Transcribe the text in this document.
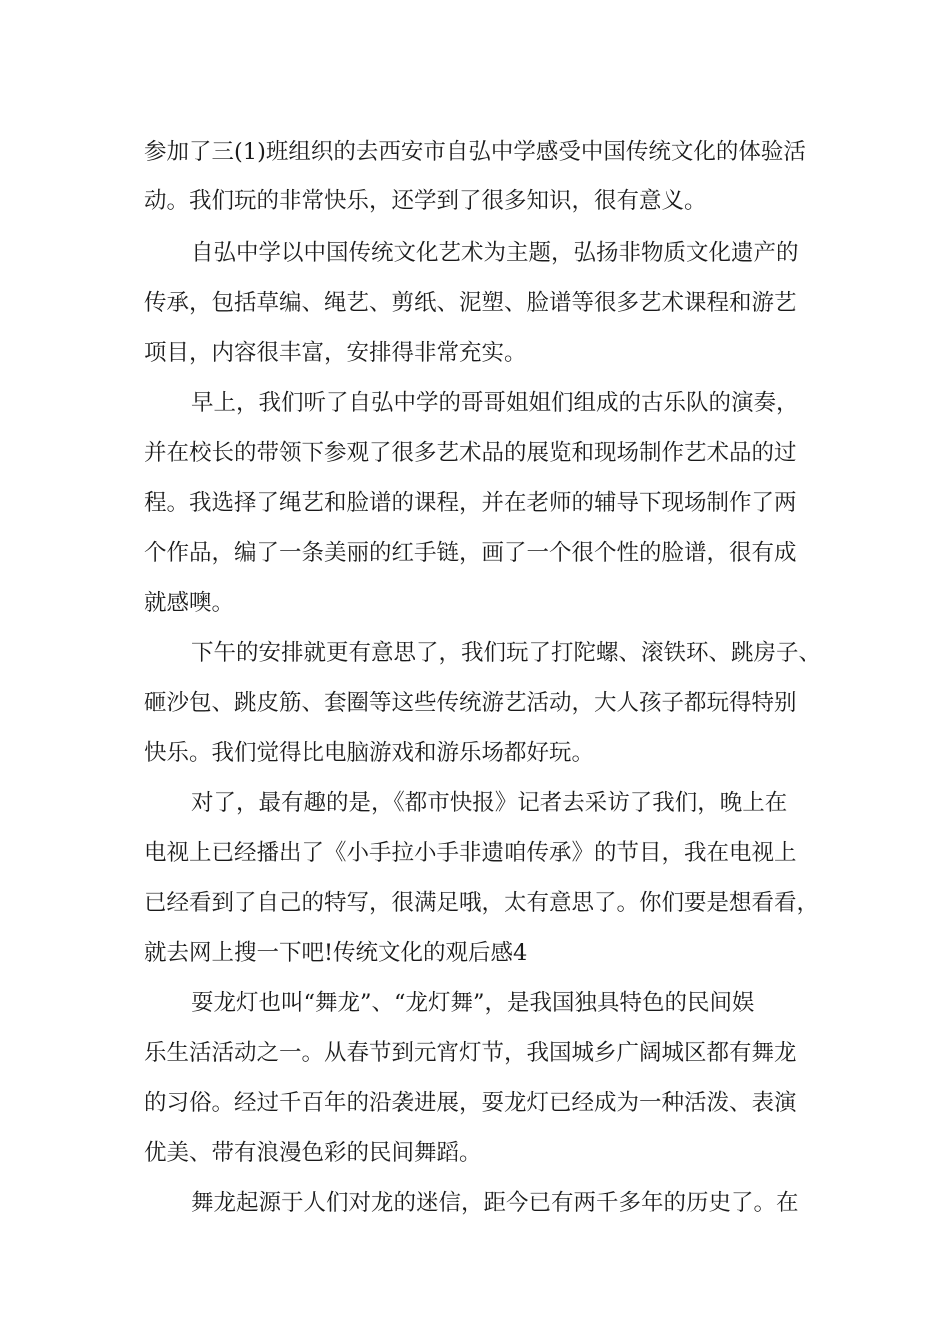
参加了三(1)班组织的去西安市自弘中学感受中国传统文化的体验活
动。我们玩的非常快乐，还学到了很多知识，很有意义。
自弘中学以中国传统文化艺术为主题，弘扬非物质文化遗产的
传承，包括草编、绳艺、剪纸、泥塑、脸谱等很多艺术课程和游艺
项目，内容很丰富，安排得非常充实。
早上，我们听了自弘中学的哥哥姐姐们组成的古乐队的演奏，
并在校长的带领下参观了很多艺术品的展览和现场制作艺术品的过
程。我选择了绳艺和脸谱的课程，并在老师的辅导下现场制作了两
个作品，编了一条美丽的红手链，画了一个很个性的脸谱，很有成
就感噢。
下午的安排就更有意思了，我们玩了打陀螺、滚铁环、跳房子、
砸沙包、跳皮筋、套圈等这些传统游艺活动，大人孩子都玩得特别
快乐。我们觉得比电脑游戏和游乐场都好玩。
对了，最有趣的是，《都市快报》记者去采访了我们，晚上在
电视上已经播出了《小手拉小手非遗咱传承》的节目，我在电视上
已经看到了自己的特写，很满足哦，太有意思了。你们要是想看看，
就去网上搜一下吧!传统文化的观后感4
耍龙灯也叫“舞龙”、“龙灯舞”，是我国独具特色的民间娱
乐生活活动之一。从春节到元宵灯节，我国城乡广阔城区都有舞龙
的习俗。经过千百年的沿袭进展，耍龙灯已经成为一种活泼、表演
优美、带有浪漫色彩的民间舞蹈。
舞龙起源于人们对龙的迷信，距今已有两千多年的历史了。在
